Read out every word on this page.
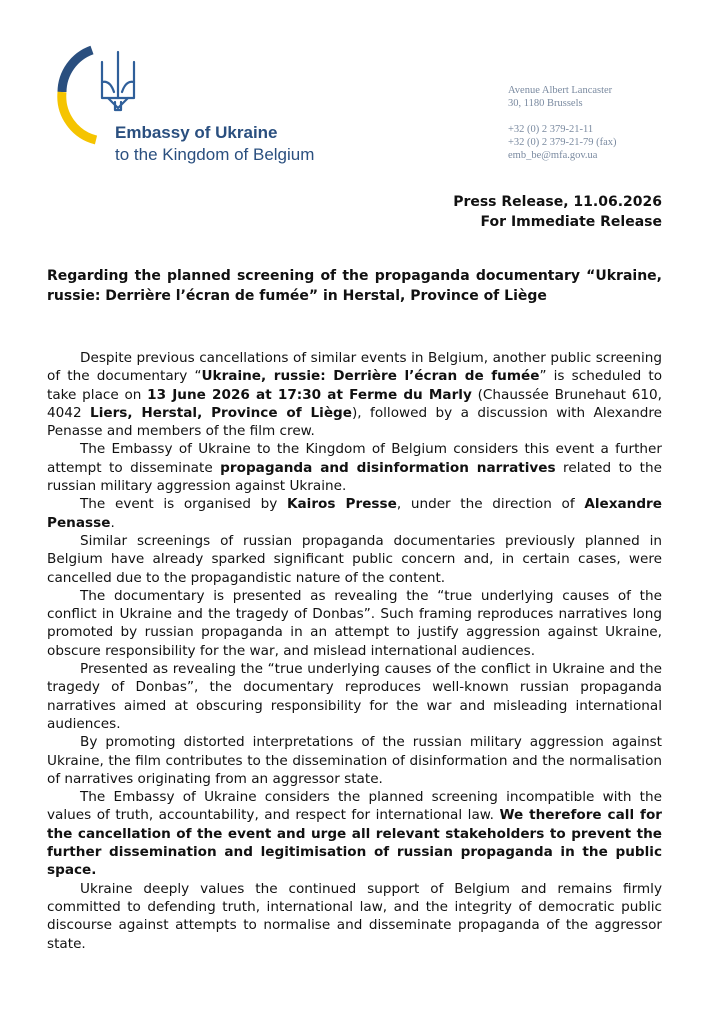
Embassy of Ukraine
to the Kingdom of Belgium
Avenue Albert Lancaster
30, 1180 Brussels
+32 (0) 2 379-21-11
+32 (0) 2 379-21-79 (fax)
emb_be@mfa.gov.ua
Press Release, 11.06.2026
For Immediate Release
Regarding the planned screening of the propaganda documentary “Ukraine, russie: Derrière l’écran de fumée” in Herstal, Province of Liège

Despite previous cancellations of similar events in Belgium, another public screening of the documentary “Ukraine, russie: Derrière l’écran de fumée” is scheduled to take place on 13 June 2026 at 17:30 at Ferme du Marly (Chaussée Brunehaut 610, 4042 Liers, Herstal, Province of Liège), followed by a discussion with Alexandre Penasse and members of the film crew.

The Embassy of Ukraine to the Kingdom of Belgium considers this event a further attempt to disseminate propaganda and disinformation narratives related to the russian military aggression against Ukraine.

The event is organised by Kairos Presse, under the direction of Alexandre Penasse.

Similar screenings of russian propaganda documentaries previously planned in Belgium have already sparked significant public concern and, in certain cases, were cancelled due to the propagandistic nature of the content.

The documentary is presented as revealing the “true underlying causes of the conflict in Ukraine and the tragedy of Donbas”. Such framing reproduces narratives long promoted by russian propaganda in an attempt to justify aggression against Ukraine, obscure responsibility for the war, and mislead international audiences.

Presented as revealing the “true underlying causes of the conflict in Ukraine and the tragedy of Donbas”, the documentary reproduces well-known russian propaganda narratives aimed at obscuring responsibility for the war and misleading international audiences.

By promoting distorted interpretations of the russian military aggression against Ukraine, the film contributes to the dissemination of disinformation and the normalisation of narratives originating from an aggressor state.

The Embassy of Ukraine considers the planned screening incompatible with the values of truth, accountability, and respect for international law. We therefore call for the cancellation of the event and urge all relevant stakeholders to prevent the further dissemination and legitimisation of russian propaganda in the public space.

Ukraine deeply values the continued support of Belgium and remains firmly committed to defending truth, international law, and the integrity of democratic public discourse against attempts to normalise and disseminate propaganda of the aggressor state.
